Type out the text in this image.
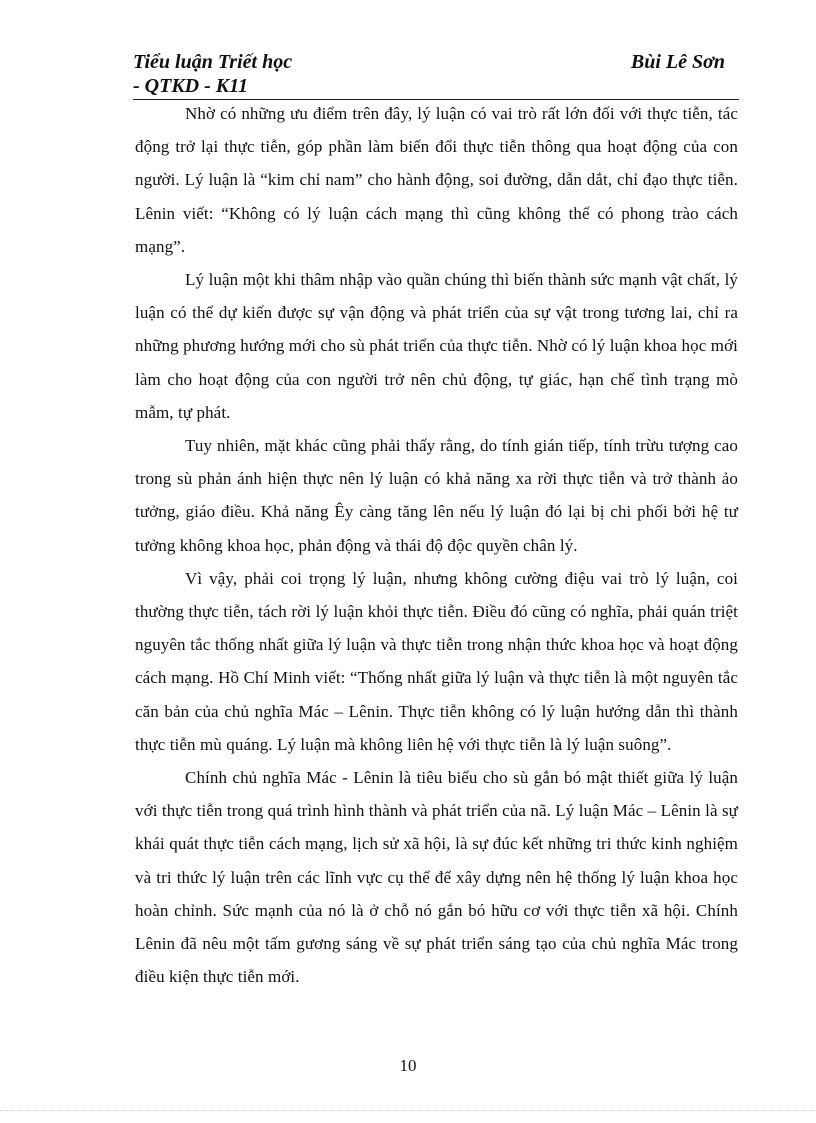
Tiểu luận Triết học
- QTKD - K11
Bùi Lê Sơn

Nhờ có những ưu điểm trên đây, lý luận có vai trò rất lớn đối với thực tiễn, tác động trở lại thực tiễn, góp phần làm biến đổi thực tiễn thông qua hoạt động của con người. Lý luận là “kim chỉ nam” cho hành động, soi đường, dẫn dắt, chỉ đạo thực tiễn. Lênin viết: “Không có lý luận cách mạng thì cũng không thể có phong trào cách mạng”.

Lý luận một khi thâm nhập vào quần chúng thì biến thành sức mạnh vật chất, lý luận có thể dự kiến được sự vận động và phát triển của sự vật trong tương lai, chỉ ra những phương hướng mới cho sù phát triển của thực tiễn. Nhờ có lý luận khoa học mới làm cho hoạt động của con người trở nên chủ động, tự giác, hạn chế tình trạng mò mẫm, tự phát.

Tuy nhiên, mặt khác cũng phải thấy rằng, do tính gián tiếp, tính trừu tượng cao trong sù phản ánh hiện thực nên lý luận có khả năng xa rời thực tiễn và trở thành ảo tưởng, giáo điều. Khả năng Êy càng tăng lên nếu lý luận đó lại bị chi phối bởi hệ tư tưởng không khoa học, phản động và thái độ độc quyền chân lý.

Vì vậy, phải coi trọng lý luận, nhưng không cường điệu vai trò lý luận, coi thường thực tiễn, tách rời lý luận khỏi thực tiễn. Điều đó cũng có nghĩa, phải quán triệt nguyên tắc thống nhất giữa lý luận và thực tiễn trong nhận thức khoa học và hoạt động cách mạng. Hồ Chí Minh viết: “Thống nhất giữa lý luận và thực tiễn là một nguyên tắc căn bản của chủ nghĩa Mác – Lênin. Thực tiễn không có lý luận hướng dẫn thì thành thực tiễn mù quáng. Lý luận mà không liên hệ với thực tiễn là lý luận suông”.

Chính chủ nghĩa Mác - Lênin là tiêu biểu cho sù gắn bó mật thiết giữa lý luận với thực tiễn trong quá trình hình thành và phát triển của nã. Lý luận Mác – Lênin là sự khái quát thực tiễn cách mạng, lịch sử xã hội, là sự đúc kết những tri thức kinh nghiệm và tri thức lý luận trên các lĩnh vực cụ thể để xây dựng nên hệ thống lý luận khoa học hoàn chỉnh. Sức mạnh của nó là ở chỗ nó gắn bó hữu cơ với thực tiễn xã hội. Chính Lênin đã nêu một tấm gương sáng về sự phát triển sáng tạo của chủ nghĩa Mác trong điều kiện thực tiễn mới.

10
